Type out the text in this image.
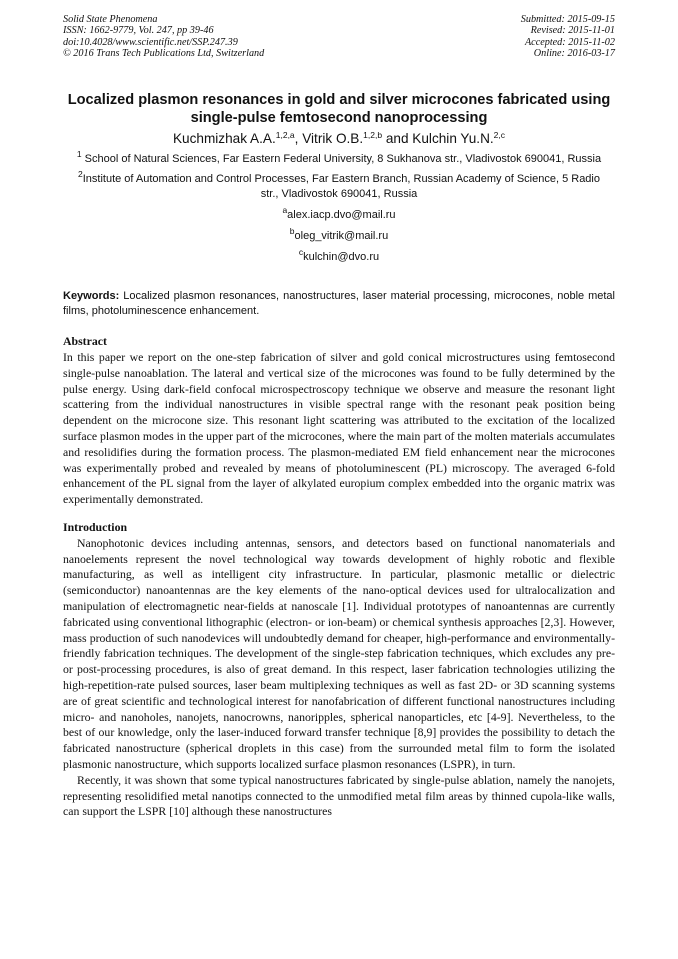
Solid State Phenomena
ISSN: 1662-9779, Vol. 247, pp 39-46
doi:10.4028/www.scientific.net/SSP.247.39
© 2016 Trans Tech Publications Ltd, Switzerland
Submitted: 2015-09-15
Revised: 2015-11-01
Accepted: 2015-11-02
Online: 2016-03-17
Localized plasmon resonances in gold and silver microcones fabricated using single-pulse femtosecond nanoprocessing
Kuchmizhak A.A.$^{1,2,a}$, Vitrik O.B.$^{1,2,b}$ and Kulchin Yu.N.$^{2,c}$
$^1$ School of Natural Sciences, Far Eastern Federal University, 8 Sukhanova str., Vladivostok 690041, Russia
$^2$Institute of Automation and Control Processes, Far Eastern Branch, Russian Academy of Science, 5 Radio str., Vladivostok 690041, Russia
$^a$alex.iacp.dvo@mail.ru
$^b$oleg_vitrik@mail.ru
$^c$kulchin@dvo.ru
Keywords: Localized plasmon resonances, nanostructures, laser material processing, microcones, noble metal films, photoluminescence enhancement.
Abstract

In this paper we report on the one-step fabrication of silver and gold conical microstructures using femtosecond single-pulse nanoablation. The lateral and vertical size of the microcones was found to be fully determined by the pulse energy. Using dark-field confocal microspectroscopy technique we observe and measure the resonant light scattering from the individual nanostructures in visible spectral range with the resonant peak position being dependent on the microcone size. This resonant light scattering was attributed to the excitation of the localized surface plasmon modes in the upper part of the microcones, where the main part of the molten materials accumulates and resolidifies during the formation process. The plasmon-mediated EM field enhancement near the microcones was experimentally probed and revealed by means of photoluminescent (PL) microscopy. The averaged 6-fold enhancement of the PL signal from the layer of alkylated europium complex embedded into the organic matrix was experimentally demonstrated.

Introduction

Nanophotonic devices including antennas, sensors, and detectors based on functional nanomaterials and nanoelements represent the novel technological way towards development of highly robotic and flexible manufacturing, as well as intelligent city infrastructure. In particular, plasmonic metallic or dielectric (semiconductor) nanoantennas are the key elements of the nano-optical devices used for ultralocalization and manipulation of electromagnetic near-fields at nanoscale [1]. Individual prototypes of nanoantennas are currently fabricated using conventional lithographic (electron- or ion-beam) or chemical synthesis approaches [2,3]. However, mass production of such nanodevices will undoubtedly demand for cheaper, high-performance and environmentally-friendly fabrication techniques. The development of the single-step fabrication techniques, which excludes any pre- or post-processing procedures, is also of great demand. In this respect, laser fabrication technologies utilizing the high-repetition-rate pulsed sources, laser beam multiplexing techniques as well as fast 2D- or 3D scanning systems are of great scientific and technological interest for nanofabrication of different functional nanostructures including micro- and nanoholes, nanojets, nanocrowns, nanoripples, spherical nanoparticles, etc [4-9]. Nevertheless, to the best of our knowledge, only the laser-induced forward transfer technique [8,9] provides the possibility to detach the fabricated nanostructure (spherical droplets in this case) from the surrounded metal film to form the isolated plasmonic nanostructure, which supports localized surface plasmon resonances (LSPR), in turn.

Recently, it was shown that some typical nanostructures fabricated by single-pulse ablation, namely the nanojets, representing resolidified metal nanotips connected to the unmodified metal film areas by thinned cupola-like walls, can support the LSPR [10] although these nanostructures
